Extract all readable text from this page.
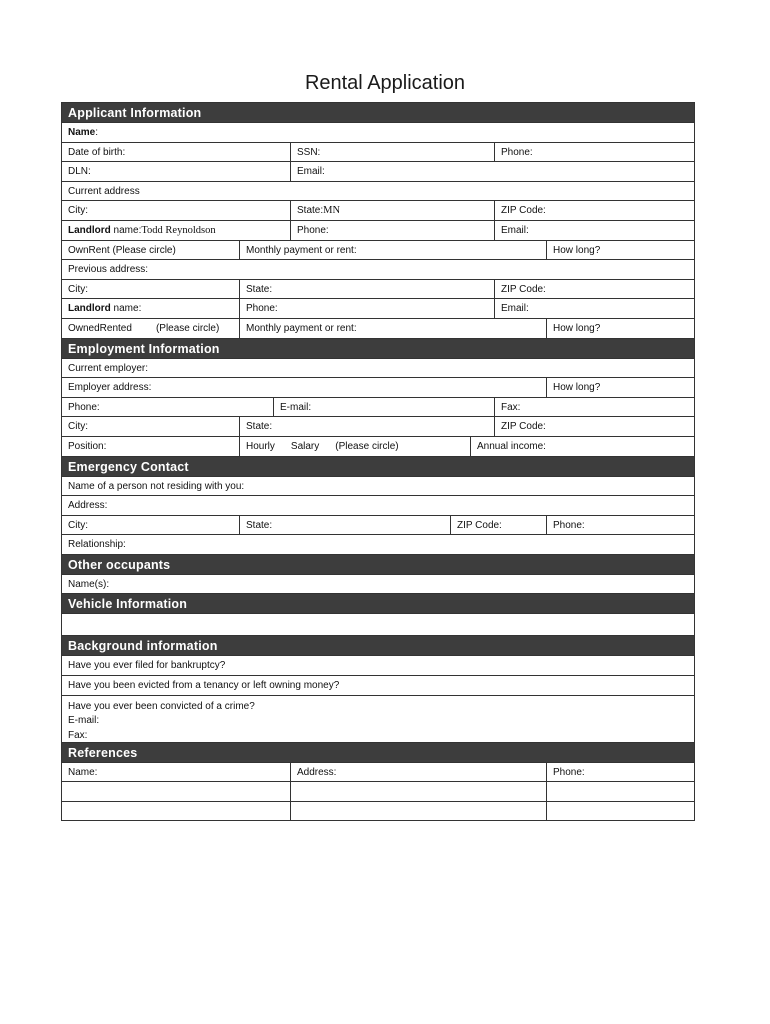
Rental Application
Applicant Information
Name:
Date of birth:	SSN:	Phone:
DLN:	Email:
Current address
City:	State:MN	ZIP Code:
Landlord name:Todd Reynoldson	Phone:	Email:
OwnRent (Please circle)	Monthly payment or rent:	How long?
Previous address:
City:	State:	ZIP Code:
Landlord name:	Phone:	Email:
OwnedRented (Please circle)	Monthly payment or rent:	How long?
Employment Information
Current employer:
Employer address:	How long?
Phone:	E-mail:	Fax:
City:	State:	ZIP Code:
Position:	Hourly Salary (Please circle)	Annual income:
Emergency Contact
Name of a person not residing with you:
Address:
City:	State:	ZIP Code:	Phone:
Relationship:
Other occupants
Name(s):
Vehicle Information
Background information
Have you ever filed for bankruptcy?
Have you been evicted from a tenancy or left owning money?
Have you ever been convicted of a crime?
E-mail:
Fax:
References
Name:	Address:	Phone:
